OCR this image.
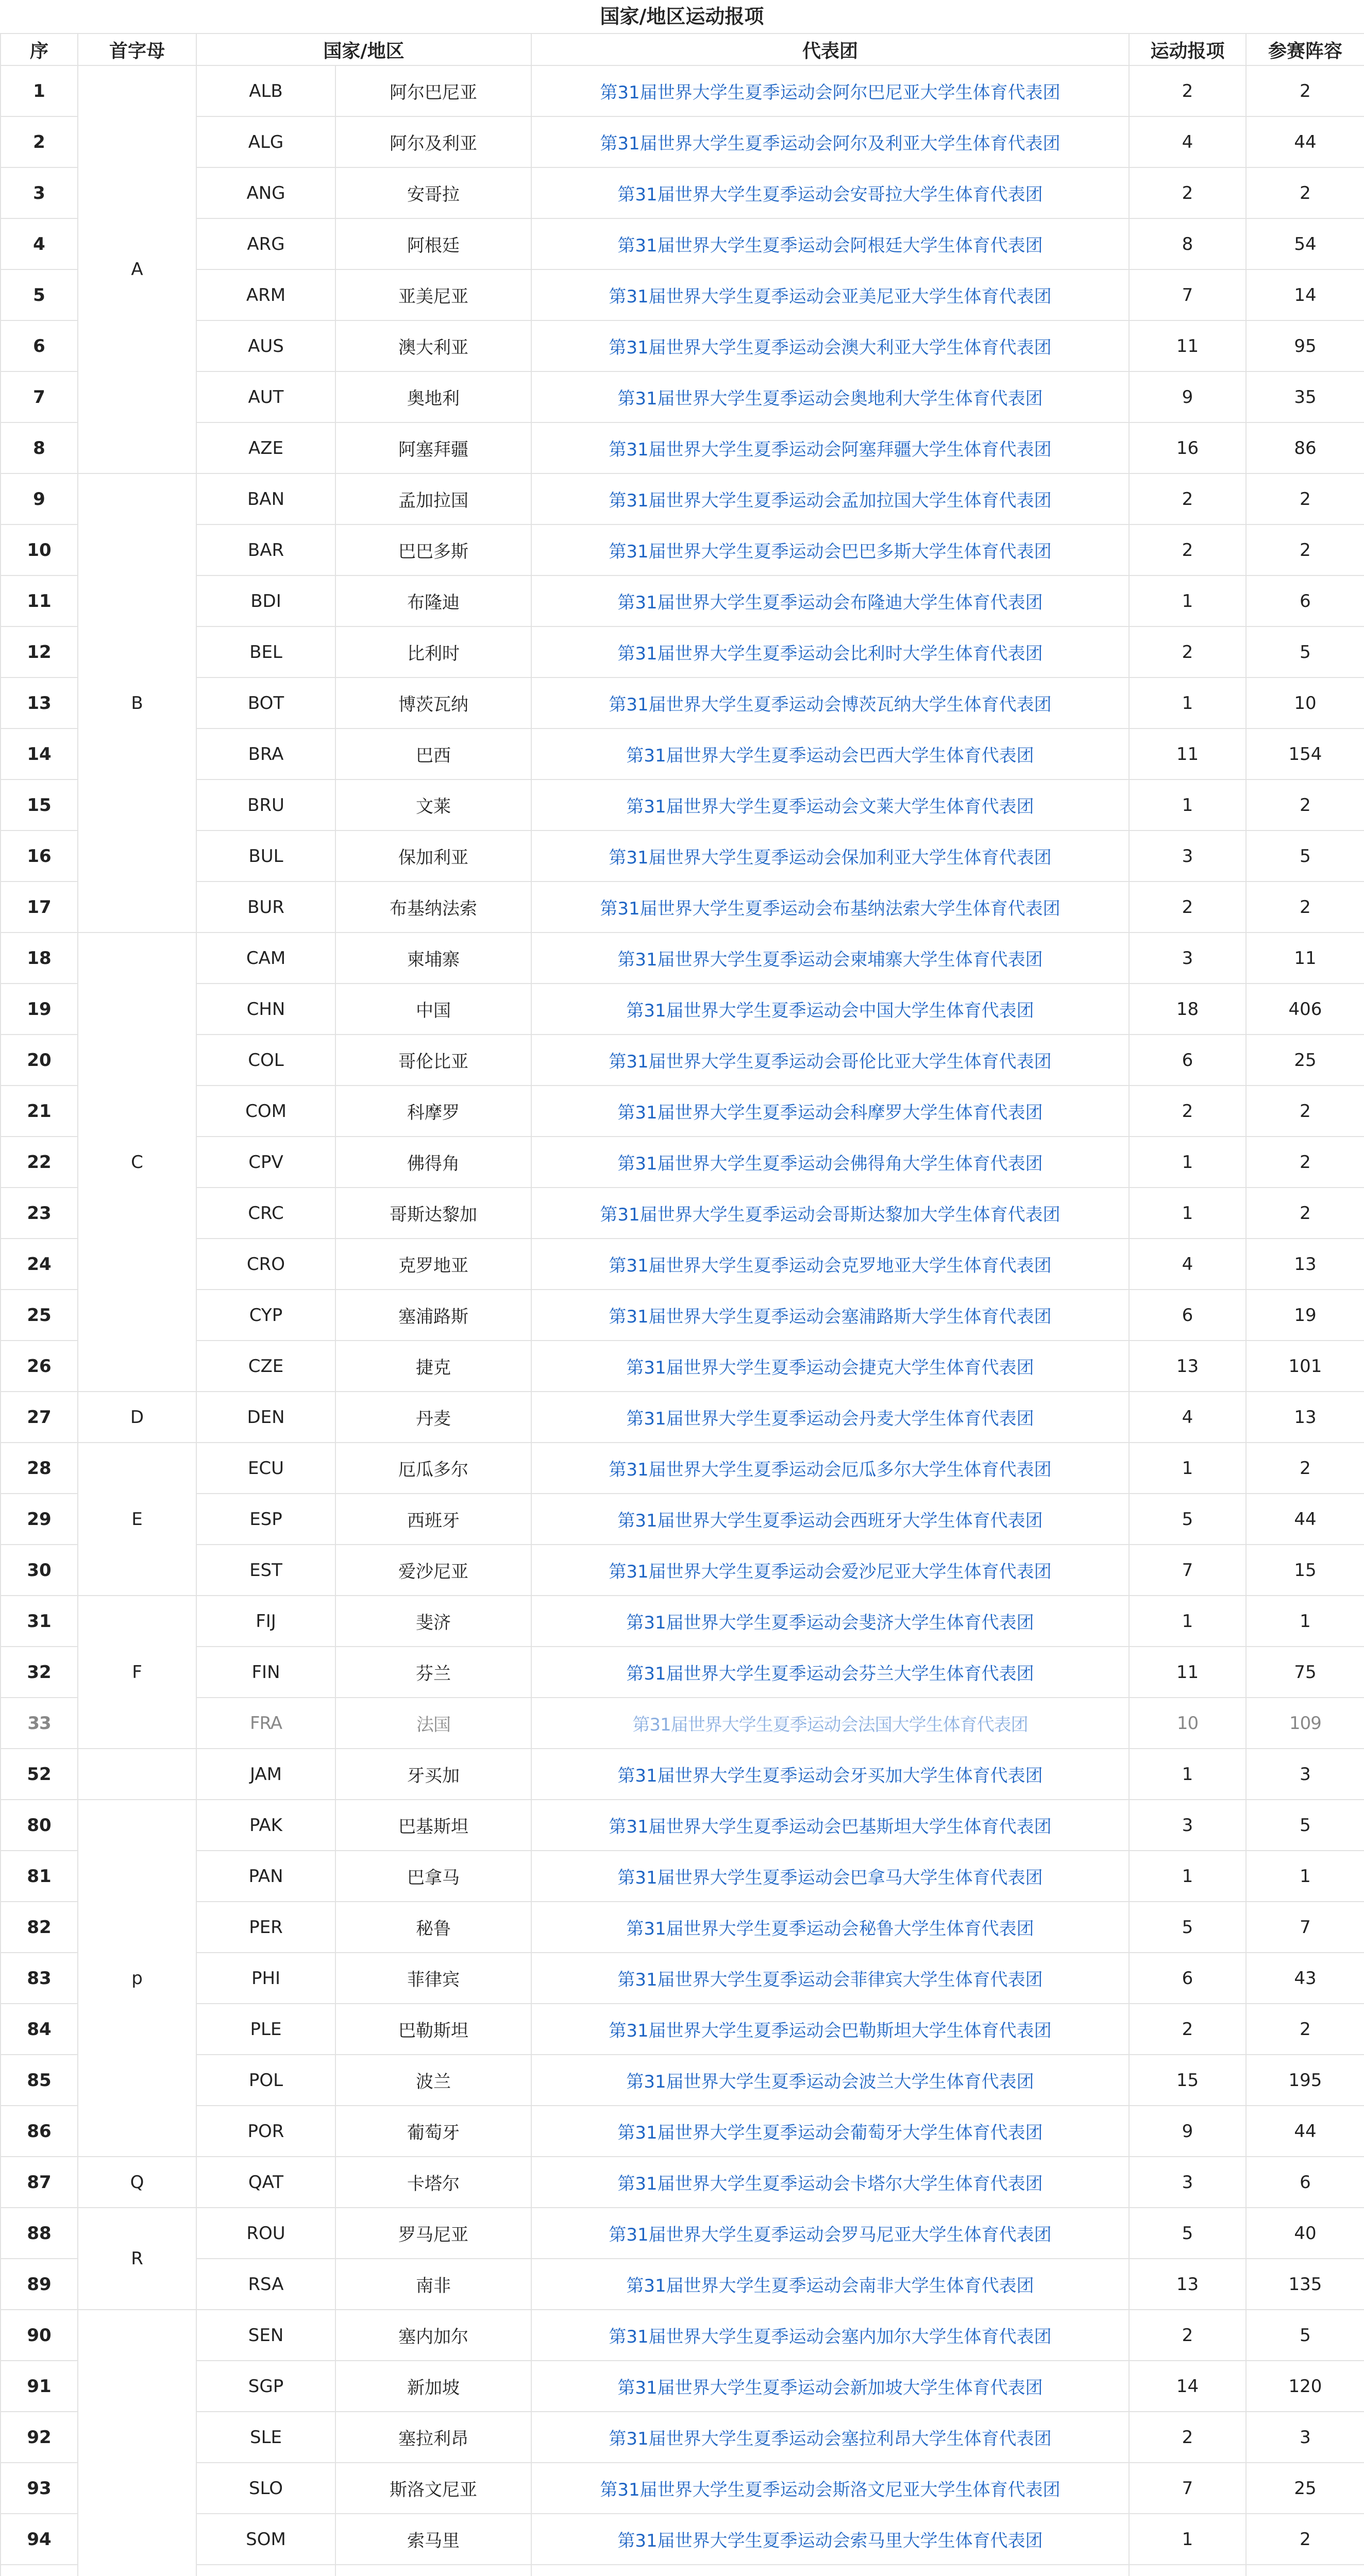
国家/地区运动报项
序	首字母	国家/地区		代表团	运动报项	参赛阵容
1	A	ALB	阿尔巴尼亚	第31届世界大学生夏季运动会阿尔巴尼亚大学生体育代表团	2	2
2		ALG	阿尔及利亚	第31届世界大学生夏季运动会阿尔及利亚大学生体育代表团	4	44
3		ANG	安哥拉	第31届世界大学生夏季运动会安哥拉大学生体育代表团	2	2
4		ARG	阿根廷	第31届世界大学生夏季运动会阿根廷大学生体育代表团	8	54
5		ARM	亚美尼亚	第31届世界大学生夏季运动会亚美尼亚大学生体育代表团	7	14
6		AUS	澳大利亚	第31届世界大学生夏季运动会澳大利亚大学生体育代表团	11	95
7		AUT	奥地利	第31届世界大学生夏季运动会奥地利大学生体育代表团	9	35
8		AZE	阿塞拜疆	第31届世界大学生夏季运动会阿塞拜疆大学生体育代表团	16	86
9	B	BAN	孟加拉国	第31届世界大学生夏季运动会孟加拉国大学生体育代表团	2	2
10		BAR	巴巴多斯	第31届世界大学生夏季运动会巴巴多斯大学生体育代表团	2	2
11		BDI	布隆迪	第31届世界大学生夏季运动会布隆迪大学生体育代表团	1	6
12		BEL	比利时	第31届世界大学生夏季运动会比利时大学生体育代表团	2	5
13		BOT	博茨瓦纳	第31届世界大学生夏季运动会博茨瓦纳大学生体育代表团	1	10
14		BRA	巴西	第31届世界大学生夏季运动会巴西大学生体育代表团	11	154
15		BRU	文莱	第31届世界大学生夏季运动会文莱大学生体育代表团	1	2
16		BUL	保加利亚	第31届世界大学生夏季运动会保加利亚大学生体育代表团	3	5
17		BUR	布基纳法索	第31届世界大学生夏季运动会布基纳法索大学生体育代表团	2	2
18	C	CAM	柬埔寨	第31届世界大学生夏季运动会柬埔寨大学生体育代表团	3	11
19		CHN	中国	第31届世界大学生夏季运动会中国大学生体育代表团	18	406
20		COL	哥伦比亚	第31届世界大学生夏季运动会哥伦比亚大学生体育代表团	6	25
21		COM	科摩罗	第31届世界大学生夏季运动会科摩罗大学生体育代表团	2	2
22		CPV	佛得角	第31届世界大学生夏季运动会佛得角大学生体育代表团	1	2
23		CRC	哥斯达黎加	第31届世界大学生夏季运动会哥斯达黎加大学生体育代表团	1	2
24		CRO	克罗地亚	第31届世界大学生夏季运动会克罗地亚大学生体育代表团	4	13
25		CYP	塞浦路斯	第31届世界大学生夏季运动会塞浦路斯大学生体育代表团	6	19
26		CZE	捷克	第31届世界大学生夏季运动会捷克大学生体育代表团	13	101
27	D	DEN	丹麦	第31届世界大学生夏季运动会丹麦大学生体育代表团	4	13
28	E	ECU	厄瓜多尔	第31届世界大学生夏季运动会厄瓜多尔大学生体育代表团	1	2
29		ESP	西班牙	第31届世界大学生夏季运动会西班牙大学生体育代表团	5	44
30		EST	爱沙尼亚	第31届世界大学生夏季运动会爱沙尼亚大学生体育代表团	7	15
31	F	FIJ	斐济	第31届世界大学生夏季运动会斐济大学生体育代表团	1	1
32		FIN	芬兰	第31届世界大学生夏季运动会芬兰大学生体育代表团	11	75
33		FRA	法国	第31届世界大学生夏季运动会法国大学生体育代表团	10	109
52		JAM	牙买加	第31届世界大学生夏季运动会牙买加大学生体育代表团	1	3
80	p	PAK	巴基斯坦	第31届世界大学生夏季运动会巴基斯坦大学生体育代表团	3	5
81		PAN	巴拿马	第31届世界大学生夏季运动会巴拿马大学生体育代表团	1	1
82		PER	秘鲁	第31届世界大学生夏季运动会秘鲁大学生体育代表团	5	7
83		PHI	菲律宾	第31届世界大学生夏季运动会菲律宾大学生体育代表团	6	43
84		PLE	巴勒斯坦	第31届世界大学生夏季运动会巴勒斯坦大学生体育代表团	2	2
85		POL	波兰	第31届世界大学生夏季运动会波兰大学生体育代表团	15	195
86		POR	葡萄牙	第31届世界大学生夏季运动会葡萄牙大学生体育代表团	9	44
87	Q	QAT	卡塔尔	第31届世界大学生夏季运动会卡塔尔大学生体育代表团	3	6
88	R	ROU	罗马尼亚	第31届世界大学生夏季运动会罗马尼亚大学生体育代表团	5	40
89		RSA	南非	第31届世界大学生夏季运动会南非大学生体育代表团	13	135
90		SEN	塞内加尔	第31届世界大学生夏季运动会塞内加尔大学生体育代表团	2	5
91		SGP	新加坡	第31届世界大学生夏季运动会新加坡大学生体育代表团	14	120
92		SLE	塞拉利昂	第31届世界大学生夏季运动会塞拉利昂大学生体育代表团	2	3
93		SLO	斯洛文尼亚	第31届世界大学生夏季运动会斯洛文尼亚大学生体育代表团	7	25
94		SOM	索马里	第31届世界大学生夏季运动会索马里大学生体育代表团	1	2
